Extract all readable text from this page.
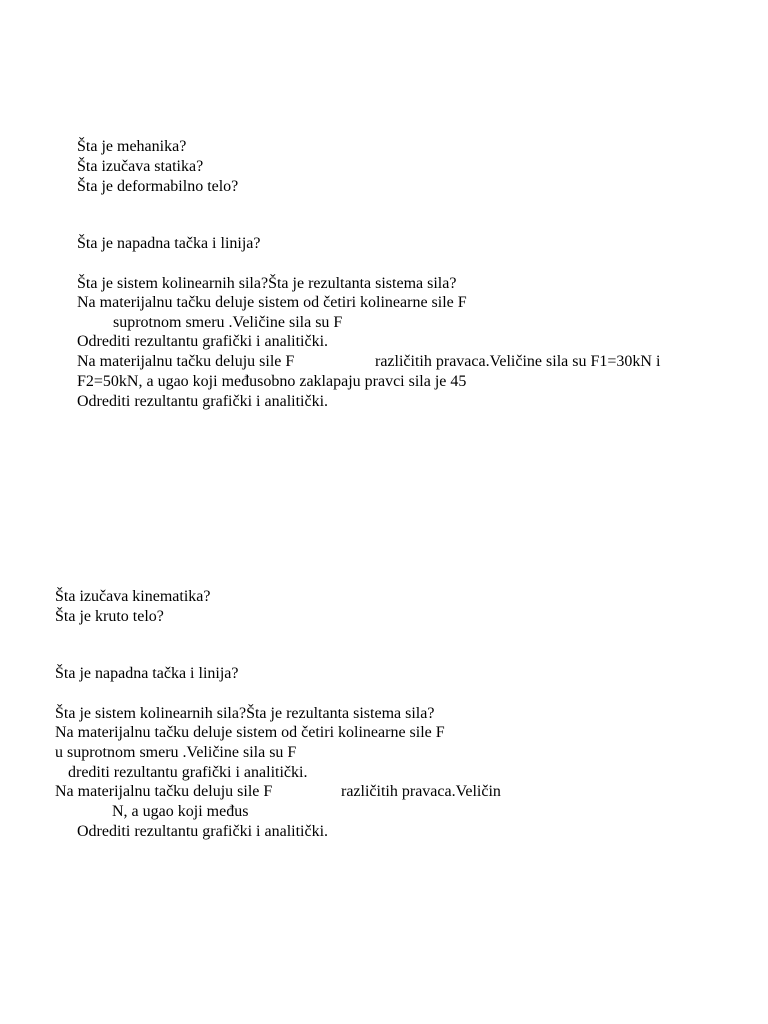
Šta je mehanika?
Šta izučava statika?
Šta je deformabilno telo?
Šta je napadna tačka i linija?
Šta je sistem kolinearnih sila?Šta je rezultanta sistema sila?
Na materijalnu tačku deluje sistem od četiri kolinearne sile F
suprotnom smeru .Veličine sila su F
Odrediti rezultantu grafički i analitički.
Na materijalnu tačku deluju sile F	različitih pravaca.Veličine sila su F1=30kN i
F2=50kN, a ugao koji međusobno zaklapaju pravci sila je 45
Odrediti rezultantu grafički i analitički.
Šta izučava kinematika?
Šta je kruto telo?
Šta je napadna tačka i linija?
Šta je sistem kolinearnih sila?Šta je rezultanta sistema sila?
Na materijalnu tačku deluje sistem od četiri kolinearne sile F
u suprotnom smeru .Veličine sila su F
drediti rezultantu grafički i analitički.
Na materijalnu tačku deluju sile F	različitih pravaca.Veličin
N, a ugao koji međus
Odrediti rezultantu grafički i analitički.
